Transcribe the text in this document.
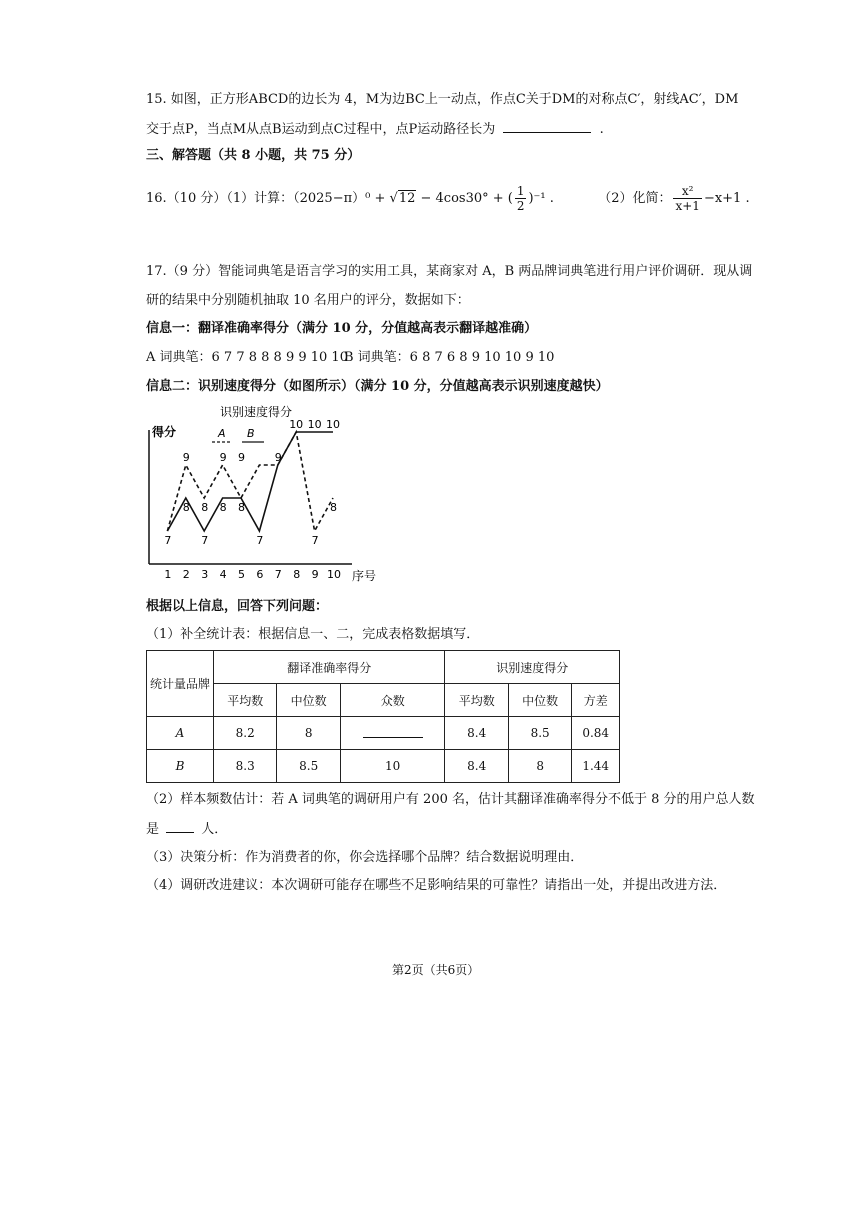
15. 如图，正方形ABCD的边长为 4，M为边BC上一动点，作点C关于DM的对称点C′，射线AC′，DM
交于点P，当点M从点B运动到点C过程中，点P运动路径长为	.
三、解答题（共 8 小题，共 75 分）
16.（10 分）（1）计算：（2025−π）⁰ + √12 − 4cos30° + ( $\frac{1}{2} )^{-1}$ .	（2）化简： $\frac{\text{x²}}{x+1} -x+1$ .
17.（9 分）智能词典笔是语言学习的实用工具，某商家对 A，B 两品牌词典笔进行用户评价调研．现从调
研的结果中分别随机抽取 10 名用户的评分，数据如下：
信息一：翻译准确率得分（满分 10 分，分值越高表示翻译越准确）
A 词典笔：6 7 7 8 8 8 9 9 10 10
B 词典笔：6 8 7 6 8 9 10 10 9 10
信息二：识别速度得分（如图所示）（满分 10 分，分值越高表示识别速度越快）
识别速度得分
得分
序号
A B
1 2 3 4 5 6 7 8 9 10
7
9
8 8
7
9
8 8
9
7
9
10 10 10
7
8
根据以上信息，回答下列问题：
（1）补全统计表：根据信息一、二，完成表格数据填写．
统计量品牌	翻译准确率得分			识别速度得分		
	平均数	中位数	众数	平均数	中位数	方差
A	8.2	8		8.4	8.5	0.84
B	8.3	8.5	10	8.4	8	1.44
（2）样本频数估计：若 A 词典笔的调研用户有 200 名，估计其翻译准确率得分不低于 8 分的用户总人数
是	人．
（3）决策分析：作为消费者的你，你会选择哪个品牌？结合数据说明理由．
（4）调研改进建议：本次调研可能存在哪些不足影响结果的可靠性？请指出一处，并提出改进方法．
第2页（共6页）
